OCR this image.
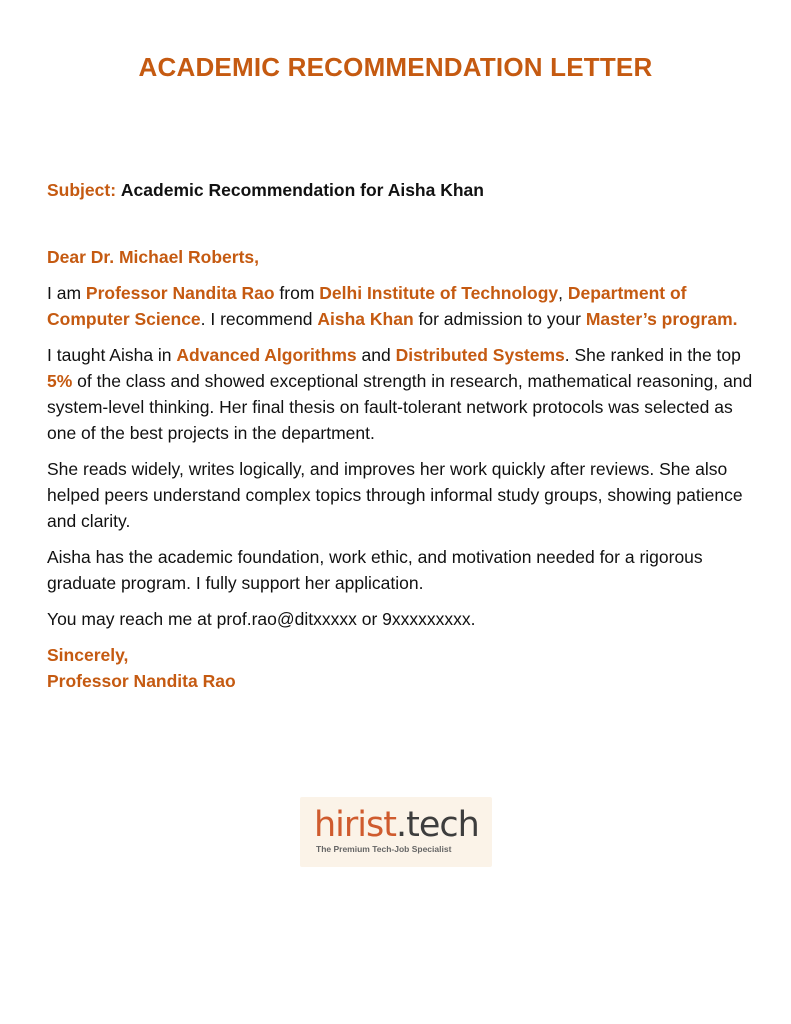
ACADEMIC RECOMMENDATION LETTER

Subject: Academic Recommendation for Aisha Khan

Dear Dr. Michael Roberts,

I am Professor Nandita Rao from Delhi Institute of Technology, Department of Computer Science. I recommend Aisha Khan for admission to your Master’s program.

I taught Aisha in Advanced Algorithms and Distributed Systems. She ranked in the top 5% of the class and showed exceptional strength in research, mathematical reasoning, and system-level thinking. Her final thesis on fault-tolerant network protocols was selected as one of the best projects in the department.

She reads widely, writes logically, and improves her work quickly after reviews. She also helped peers understand complex topics through informal study groups, showing patience and clarity.

Aisha has the academic foundation, work ethic, and motivation needed for a rigorous graduate program. I fully support her application.

You may reach me at prof.rao@ditxxxxx or 9xxxxxxxxx.

Sincerely,

Professor Nandita Rao

hirist.tech
The Premium Tech-Job Specialist
